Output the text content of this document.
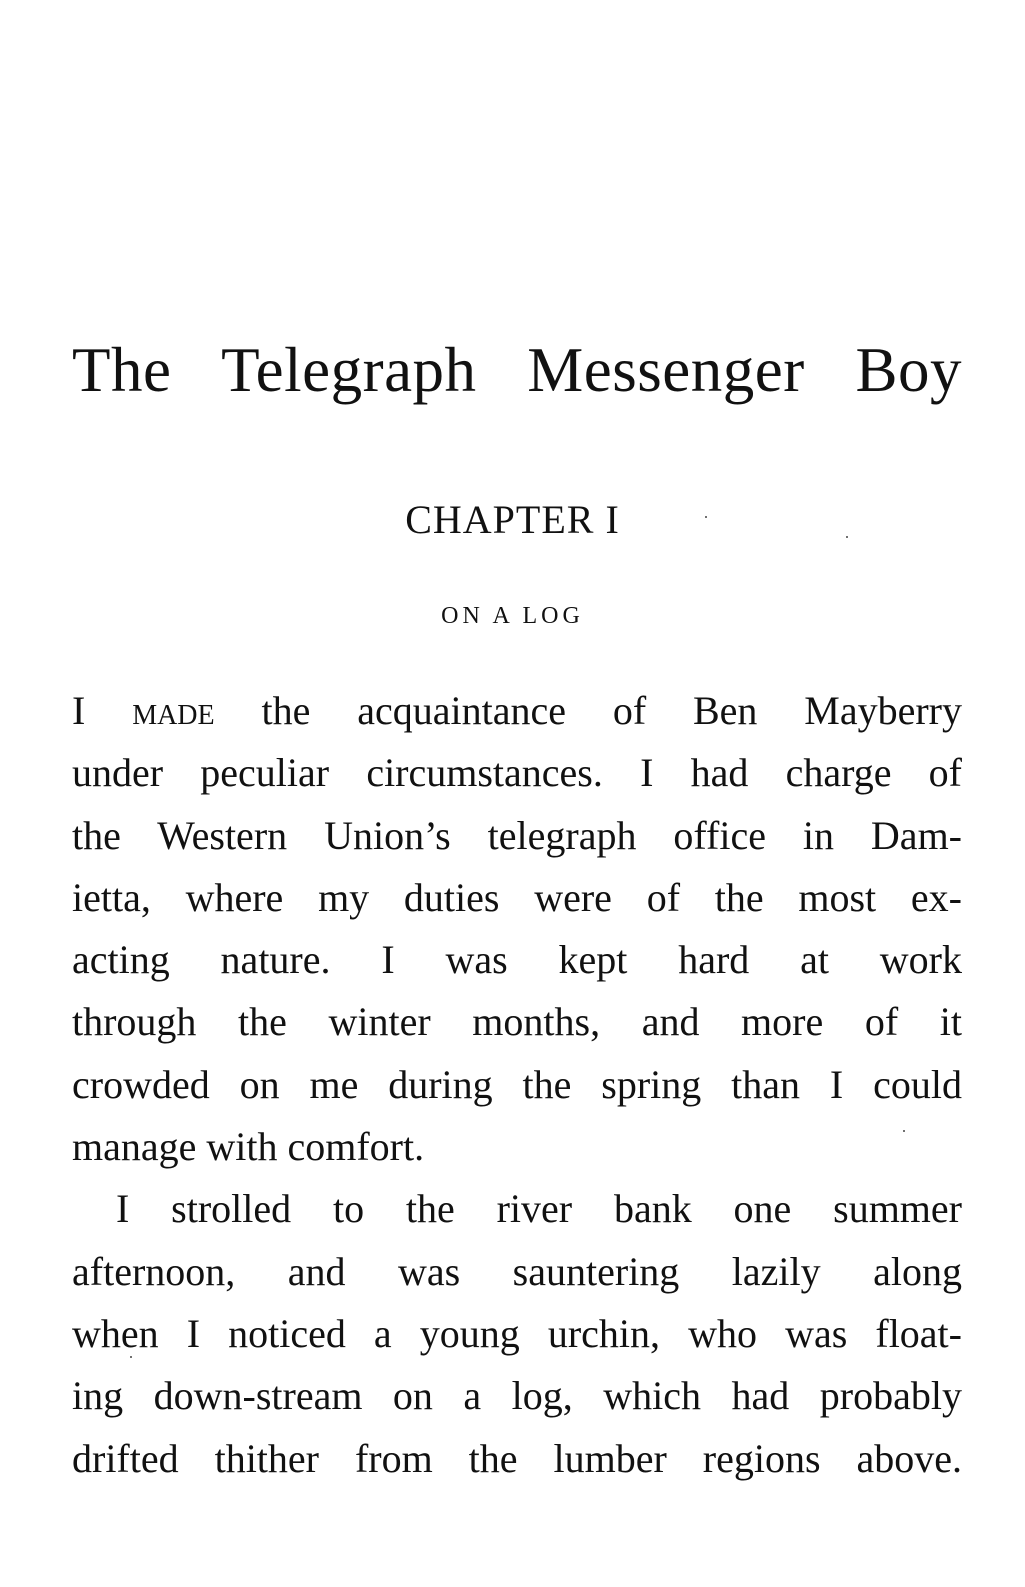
The Telegraph Messenger Boy
CHAPTER I
ON A LOG
I made the acquaintance of Ben Mayberry
under peculiar circumstances. I had charge of
the Western Union’s telegraph office in Dam-
ietta, where my duties were of the most ex-
acting nature. I was kept hard at work
through the winter months, and more of it
crowded on me during the spring than I could
manage with comfort.
I strolled to the river bank one summer
afternoon, and was sauntering lazily along
when I noticed a young urchin, who was float-
ing down-stream on a log, which had probably
drifted thither from the lumber regions above.
